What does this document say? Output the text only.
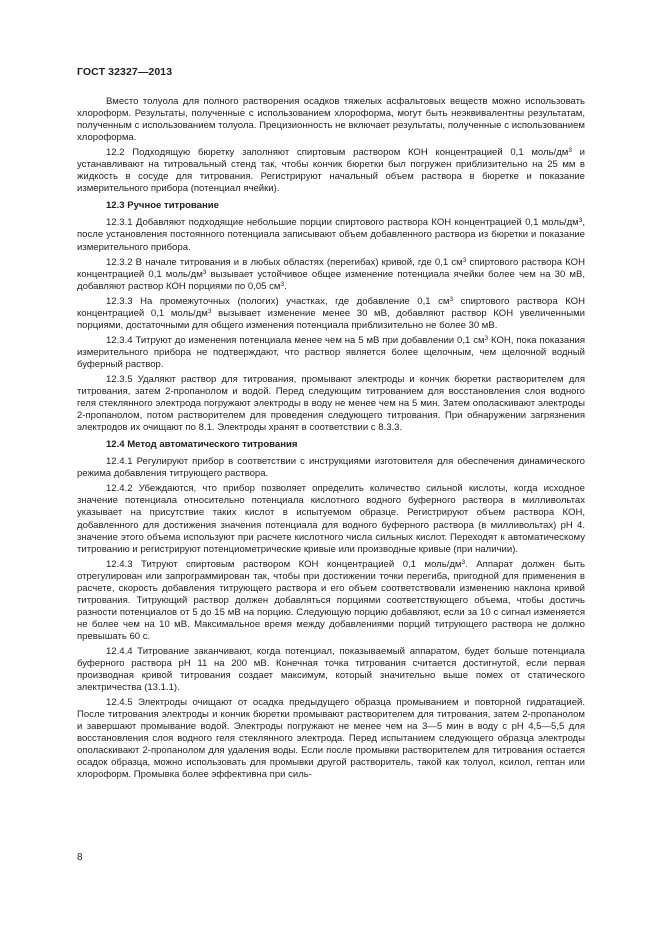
ГОСТ 32327—2013

Вместо толуола для полного растворения осадков тяжелых асфальтовых веществ можно использовать хлороформ. Результаты, полученные с использованием хлороформа, могут быть неэквивалентны результатам, полученным с использованием толуола. Прецизионность не включает результаты, полученные с использованием хлороформа.

12.2 Подходящую бюретку заполняют спиртовым раствором КОН концентрацией 0,1 моль/$дм^3$ и устанавливают на титровальный стенд так, чтобы кончик бюретки был погружен приблизительно на 25 мм в жидкость в сосуде для титрования. Регистрируют начальный объем раствора в бюретке и показание измерительного прибора (потенциал ячейки).

12.3 Ручное титрование

12.3.1 Добавляют подходящие небольшие порции спиртового раствора КОН концентрацией 0,1 моль/$дм^3$, после установления постоянного потенциала записывают объем добавленного раствора из бюретки и показание измерительного прибора.

12.3.2 В начале титрования и в любых областях (перегибах) кривой, где 0,1 $см^3$ спиртового раствора КОН концентрацией 0,1 моль/$дм^3$ вызывает устойчивое общее изменение потенциала ячейки более чем на 30 мВ, добавляют раствор КОН порциями по 0,05 $см^3$.

12.3.3 На промежуточных (пологих) участках, где добавление 0,1 $см^3$ спиртового раствора КОН концентрацией 0,1 моль/$дм^3$ вызывает изменение менее 30 мВ, добавляют раствор КОН увеличенными порциями, достаточными для общего изменения потенциала приблизительно не более 30 мВ.

12.3.4 Титруют до изменения потенциала менее чем на 5 мВ при добавлении 0,1 $см^3$ КОН, пока показания измерительного прибора не подтверждают, что раствор является более щелочным, чем щелочной водный буферный раствор.

12.3.5 Удаляют раствор для титрования, промывают электроды и кончик бюретки растворителем для титрования, затем 2-пропанолом и водой. Перед следующим титрованием для восстановления слоя водного геля стеклянного электрода погружают электроды в воду не менее чем на 5 мин. Затем ополаскивают электроды 2-пропанолом, потом растворителем для проведения следующего титрования. При обнаружении загрязнения электродов их очищают по 8.1. Электроды хранят в соответствии с 8.3.3.

12.4 Метод автоматического титрования

12.4.1 Регулируют прибор в соответствии с инструкциями изготовителя для обеспечения динамического режима добавления титрующего раствора.

12.4.2 Убеждаются, что прибор позволяет определить количество сильной кислоты, когда исходное значение потенциала относительно потенциала кислотного водного буферного раствора в милливольтах указывает на присутствие таких кислот в испытуемом образце. Регистрируют объем раствора КОН, добавленного для достижения значения потенциала для водного буферного раствора (в милливольтах) pH 4. значение этого объема используют при расчете кислотного числа сильных кислот. Переходят к автоматическому титрованию и регистрируют потенциометрические кривые или производные кривые (при наличии).

12.4.3 Титруют спиртовым раствором КОН концентрацией 0,1 моль/$дм^3$. Аппарат должен быть отрегулирован или запрограммирован так, чтобы при достижении точки перегиба, пригодной для применения в расчете, скорость добавления титрующего раствора и его объем соответствовали изменению наклона кривой титрования. Титрующий раствор должен добавляться порциями соответствующего объема, чтобы достичь разности потенциалов от 5 до 15 мВ на порцию. Следующую порцию добавляют, если за 10 с сигнал изменяется не более чем на 10 мВ. Максимальное время между добавлениями порций титрующего раствора не должно превышать 60 с.

12.4.4 Титрование заканчивают, когда потенциал, показываемый аппаратом, будет больше потенциала буферного раствора pH 11 на 200 мВ. Конечная точка титрования считается достигнутой, если первая производная кривой титрования создает максимум, который значительно выше помех от статического электричества (13.1.1).

12.4.5 Электроды очищают от осадка предыдущего образца промыванием и повторной гидратацией. После титрования электроды и кончик бюретки промывают растворителем для титрования, затем 2-пропанолом и завершают промывание водой. Электроды погружают не менее чем на 3—5 мин в воду с pH 4,5—5,5 для восстановления слоя водного геля стеклянного электрода. Перед испытанием следующего образца электроды ополаскивают 2-пропанолом для удаления воды. Если после промывки растворителем для титрования остается осадок образца, можно использовать для промывки другой растворитель, такой как толуол, ксилол, гептан или хлороформ. Промывка более эффективна при силь-

8
